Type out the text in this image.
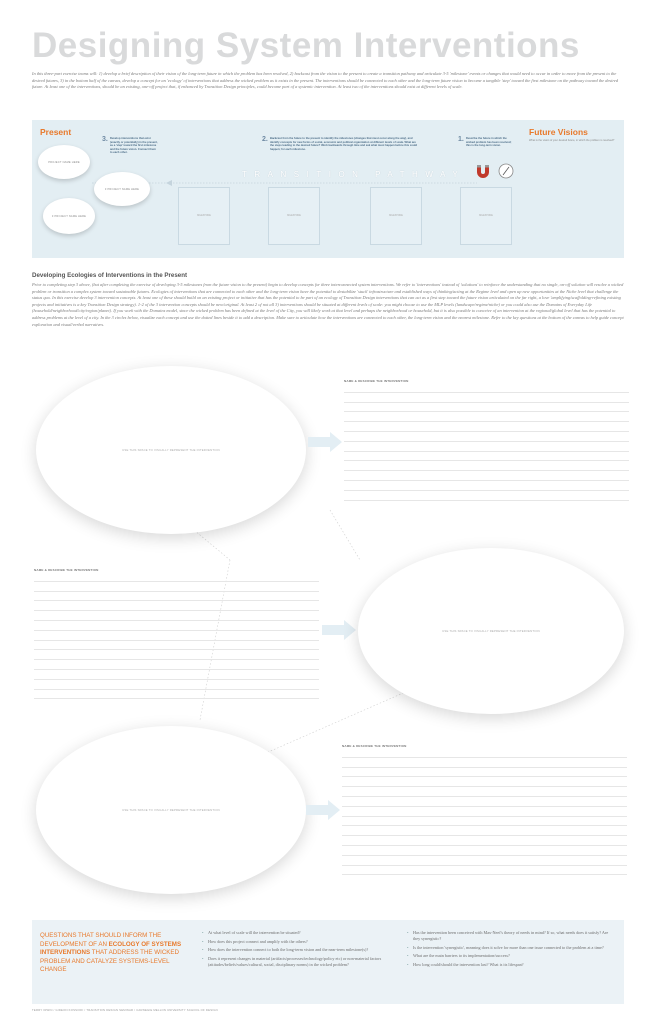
Designing System Interventions
In this three-part exercise teams will: 1) develop a brief description of their vision of the long-term future in which the problem has been resolved, 2) backcast from the vision to the present to create a transition pathway and articulate 3-5 'milestone' events or changes that would need to occur in order to move from the present to the desired futures, 3) in the bottom half of the canvas, develop a concept for an 'ecology' of interventions that address the wicked problem as it exists in the present. The interventions should be connected to each other and the long-term future vision to become a tangible 'step' toward the first milestone on the pathway toward the desired future. At least one of the interventions, should be an existing, one-off project that, if enhanced by Transition Design principles, could become part of a systemic intervention. At least two of the interventions should exist at different levels of scale.
Present	Future Visions
What is the vision of your desired future, in which the problem is resolved?
3. Develop interventions that exist (exactly or potentially) in the present, as a 'step' toward the first milestone and the future vision. Connect them to each other.
2. Backcast from the future to the present to identify the milestones (changes that must occur along the way), and identify concepts for new forms of social, economic and political organization at different levels of scale. What are the steps leading to the desired future? Work backwards through time and ask what must happen before this could happen; for each milestone.
1. Describe the future in which the wicked problem has been resolved; this is the long-term vision.
PROJECT NAME HERE
3 PROJECT NAME HERE
3 PROJECT NAME HERE
TRANSITION PATHWAY
MILESTONE	MILESTONE	MILESTONE	MILESTONE
Developing Ecologies of Interventions in the Present
Prior to completing step 3 above, (but after completing the exercise of developing 3-5 milestones from the future vision to the present) begin to develop concepts for three interconnected system interventions. We refer to 'interventions' instead of 'solutions' to reinforce the understanding that no single, on-off solution will resolve a wicked problem or transition a complex system toward sustainable futures. Ecologies of interventions that are connected to each other and the long-term vision have the potential to destabilize 'stuck' infrastructure and established ways of thinking/acting at the Regime level and open up new opportunities at the Niche level that challenge the status quo. In this exercise develop 3 intervention concepts. At least one of these should build on an existing project or initiative that has the potential to be part of an ecology of Transition Design interventions that can act as a first step toward the future vision articulated on the far right, a love 'amplifying/scaffolding-refining existing projects and initiatives is a key Transition Design strategy). 1-2 of the 3 intervention concepts should be new/original. At least 2 of not all 3) interventions should be situated at different levels of scale: you might choose to use the MLP levels (landscape/regime/niche) or you could also use the Domains of Everyday Life (household/neighborhood/city/region/planet). If you work with the Domains model, since the wicked problem has been defined at the level of the City, you will likely work at that level and perhaps the neighborhood or household, but it is also possible to conceive of an intervention at the regional/global level that has the potential to address problems at the level of a city. In the 3 circles below, visualize each concept and use the dotted lines beside it to add a description. Make sure to articulate how the interventions are connected to each other, the long-term vision and the nearest milestone. Refer to the key questions at the bottom of the canvas to help guide concept exploration and visual/verbal narratives.
USE THIS SPACE TO VISUALLY REPRESENT THE INTERVENTION
NAME & DESCRIBE THE INTERVENTION
NAME & DESCRIBE THE INTERVENTION
USE THIS SPACE TO VISUALLY REPRESENT THE INTERVENTION
USE THIS SPACE TO VISUALLY REPRESENT THE INTERVENTION
NAME & DESCRIBE THE INTERVENTION
QUESTIONS THAT SHOULD INFORM THE DEVELOPMENT OF AN ECOLOGY OF SYSTEMS INTERVENTIONS THAT ADDRESS THE WICKED PROBLEM AND CATALYZE SYSTEMS-LEVEL CHANGE
• At what level of scale will the intervention be situated?
• How does this project connect and amplify with the others?
• How does the intervention connect to both the long-term vision and the near-term milestone(s)?
• Does it represent changes in material (artifacts/processes/technology/policy etc) or non-material factors (attitudes/beliefs/values/cultural, social, disciplinary norms) in the wicked problem?
• Has the intervention been conceived with Max-Neef's theory of needs in mind? If so, what needs does it satisfy? Are they synergistic?
• Is the intervention 'synergistic', meaning does it solve for more than one issue connected to the problem at a time?
• What are the main barriers to its implementation/success?
• How long could/should the intervention last? What is its lifespan?
TERRY IRWIN / GIDEON KOSSOFF / TRANSITION DESIGN SEMINAR / CARNEGIE MELLON UNIVERSITY SCHOOL OF DESIGN
